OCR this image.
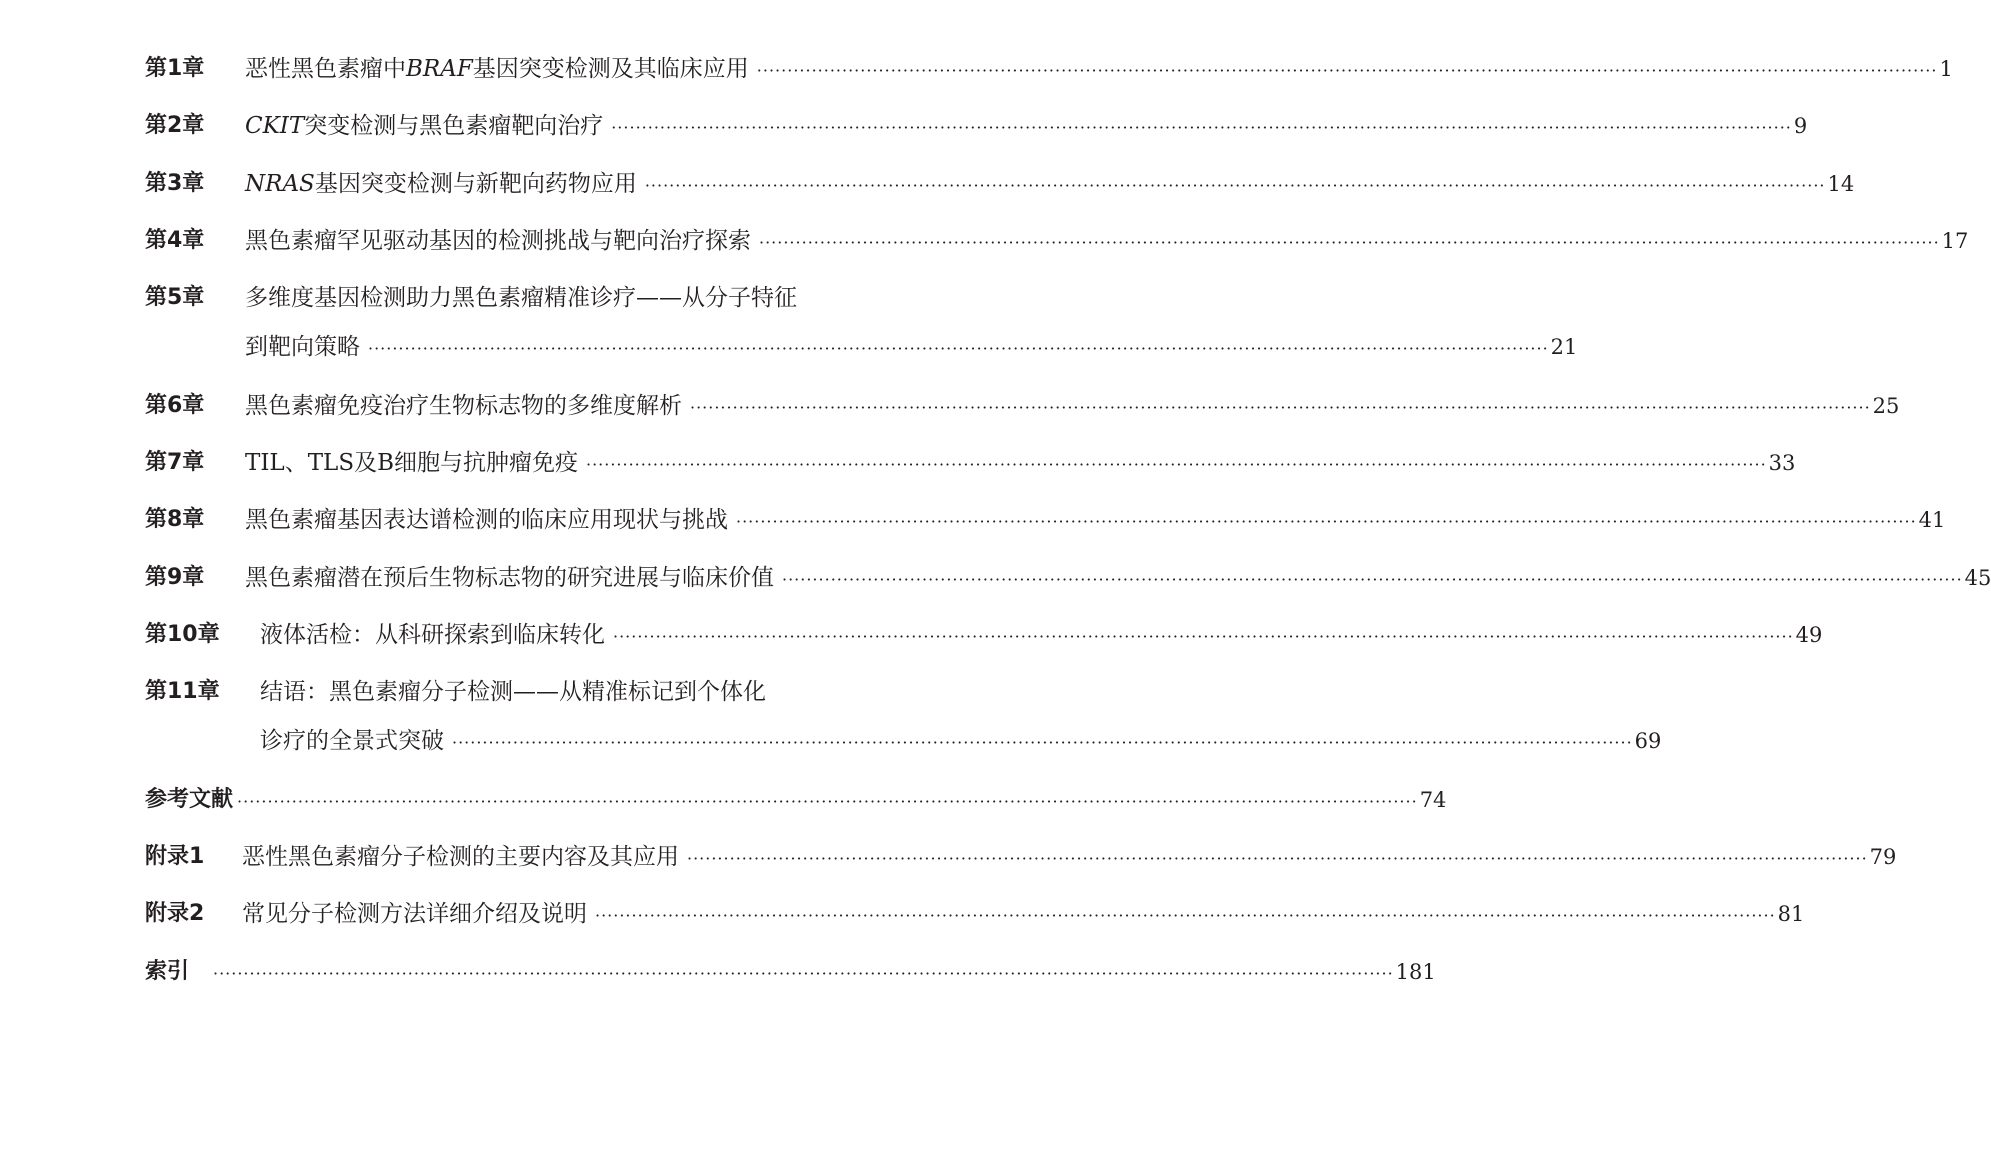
第1章	恶性黑色素瘤中BRAF基因突变检测及其临床应用 ·····	1
第2章	CKIT突变检测与黑色素瘤靶向治疗 ·····	9
第3章	NRAS基因突变检测与新靶向药物应用 ·····	14
第4章	黑色素瘤罕见驱动基因的检测挑战与靶向治疗探索 ·····	17
第5章	多维度基因检测助力黑色素瘤精准诊疗——从分子特征
到靶向策略 ·····	21
第6章	黑色素瘤免疫治疗生物标志物的多维度解析 ·····	25
第7章	TIL、TLS及B细胞与抗肿瘤免疫 ·····	33
第8章	黑色素瘤基因表达谱检测的临床应用现状与挑战 ·····	41
第9章	黑色素瘤潜在预后生物标志物的研究进展与临床价值 ·····	45
第10章	液体活检：从科研探索到临床转化 ·····	49
第11章	结语：黑色素瘤分子检测——从精准标记到个体化
诊疗的全景式突破 ·····	69
参考文献 ·····	74
附录1	恶性黑色素瘤分子检测的主要内容及其应用 ·····	79
附录2	常见分子检测方法详细介绍及说明 ·····	81
索引 ·····	181
